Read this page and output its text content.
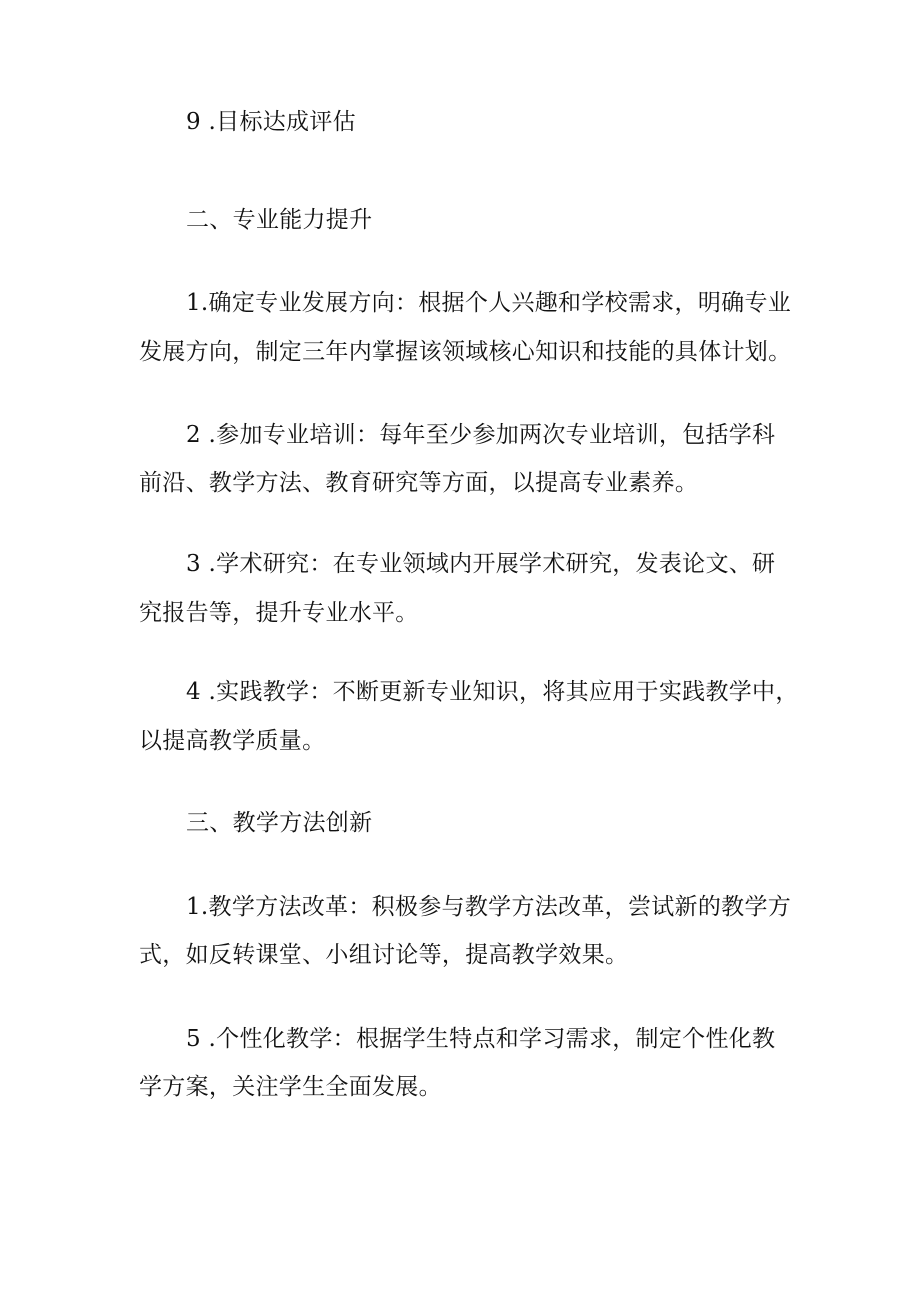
9 .目标达成评估
二、专业能力提升
1.确定专业发展方向：根据个人兴趣和学校需求，明确专业
发展方向，制定三年内掌握该领域核心知识和技能的具体计划。
2 .参加专业培训：每年至少参加两次专业培训，包括学科
前沿、教学方法、教育研究等方面，以提高专业素养。
3 .学术研究：在专业领域内开展学术研究，发表论文、研
究报告等，提升专业水平。
4 .实践教学：不断更新专业知识，将其应用于实践教学中，
以提高教学质量。
三、教学方法创新
1.教学方法改革：积极参与教学方法改革，尝试新的教学方
式，如反转课堂、小组讨论等，提高教学效果。
5 .个性化教学：根据学生特点和学习需求，制定个性化教
学方案，关注学生全面发展。
